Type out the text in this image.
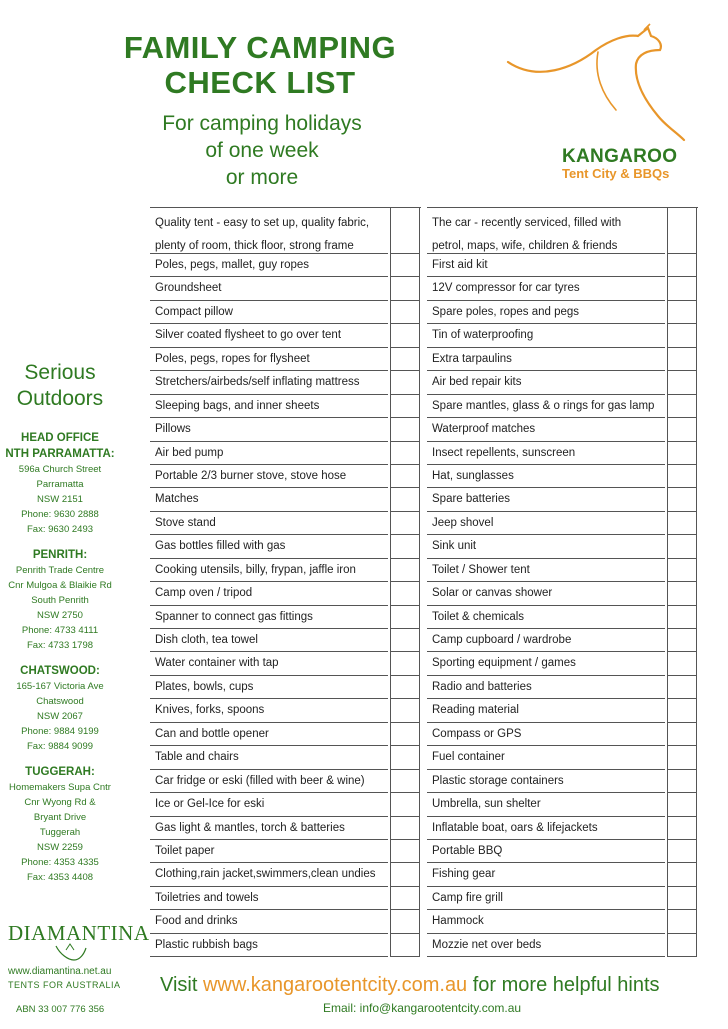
FAMILY CAMPING
CHECK LIST
For camping holidays
of one week
or more
KANGAROO
Tent City & BBQs
Serious
Outdoors
HEAD OFFICE
NTH PARRAMATTA:
596a Church Street
Parramatta
NSW 2151
Phone: 9630 2888
Fax: 9630 2493
PENRITH:
Penrith Trade Centre
Cnr Mulgoa & Blaikie Rd
South Penrith
NSW 2750
Phone: 4733 4111
Fax: 4733 1798
CHATSWOOD:
165-167 Victoria Ave
Chatswood
NSW 2067
Phone: 9884 9199
Fax: 9884 9099
TUGGERAH:
Homemakers Supa Cntr
Cnr Wyong Rd &
Bryant Drive
Tuggerah
NSW 2259
Phone: 4353 4335
Fax: 4353 4408
DIAMANTINA
www.diamantina.net.au
TENTS FOR AUSTRALIA
ABN 33 007 776 356
Quality tent - easy to set up, quality fabric,
plenty of room, thick floor, strong frame
Poles, pegs, mallet, guy ropes
Groundsheet
Compact pillow
Silver coated flysheet to go over tent
Poles, pegs, ropes for flysheet
Stretchers/airbeds/self inflating mattress
Sleeping bags, and inner sheets
Pillows
Air bed pump
Portable 2/3 burner stove, stove hose
Matches
Stove stand
Gas bottles filled with gas
Cooking utensils, billy, frypan, jaffle iron
Camp oven / tripod
Spanner to connect gas fittings
Dish cloth, tea towel
Water container with tap
Plates, bowls, cups
Knives, forks, spoons
Can and bottle opener
Table and chairs
Car fridge or eski (filled with beer & wine)
Ice or Gel-Ice for eski
Gas light & mantles, torch & batteries
Toilet paper
Clothing,rain jacket,swimmers,clean undies
Toiletries and towels
Food and drinks
Plastic rubbish bags
The car - recently serviced, filled with
petrol, maps, wife, children & friends
First aid kit
12V compressor for car tyres
Spare poles, ropes and pegs
Tin of waterproofing
Extra tarpaulins
Air bed repair kits
Spare mantles, glass & o rings for gas lamp
Waterproof matches
Insect repellents, sunscreen
Hat, sunglasses
Spare batteries
Jeep shovel
Sink unit
Toilet / Shower tent
Solar or canvas shower
Toilet & chemicals
Camp cupboard / wardrobe
Sporting equipment / games
Radio and batteries
Reading material
Compass or GPS
Fuel container
Plastic storage containers
Umbrella, sun shelter
Inflatable boat, oars & lifejackets
Portable BBQ
Fishing gear
Camp fire grill
Hammock
Mozzie net over beds
Visit www.kangarootentcity.com.au for more helpful hints
Email: info@kangarootentcity.com.au
